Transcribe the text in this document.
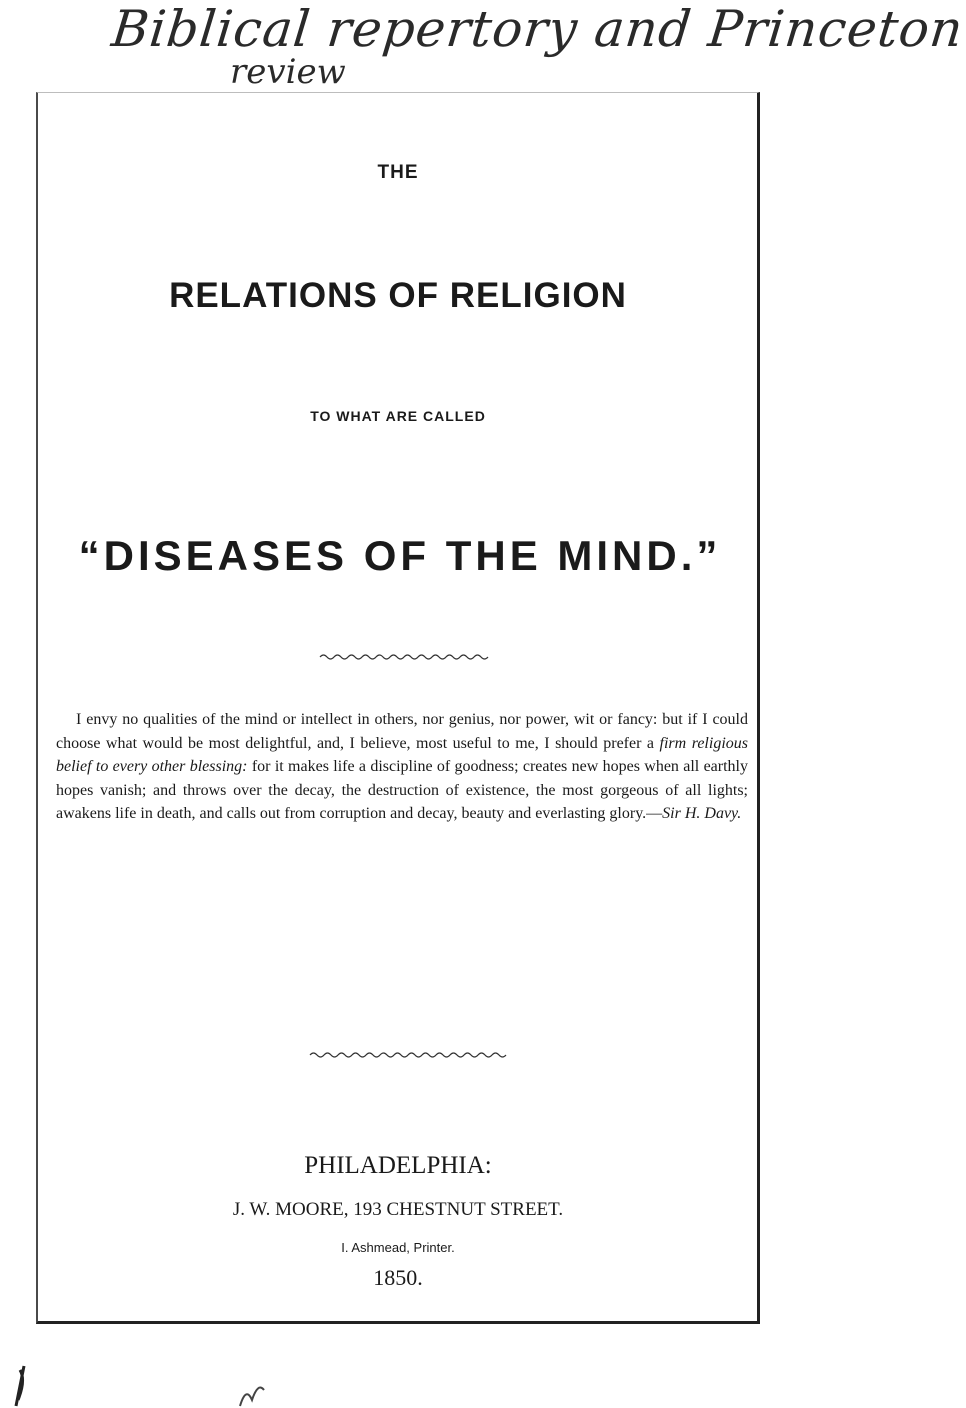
Biblical repertory and Princeton
review
THE
RELATIONS OF RELIGION
TO WHAT ARE CALLED
“DISEASES OF THE MIND.”
I envy no qualities of the mind or intellect in others, nor genius, nor power, wit or fancy: but if I could choose what would be most delightful, and, I believe, most useful to me, I should prefer a firm religious belief to every other blessing: for it makes life a discipline of goodness; creates new hopes when all earthly hopes vanish; and throws over the decay, the destruction of existence, the most gorgeous of all lights; awakens life in death, and calls out from corruption and decay, beauty and everlasting glory.—Sir H. Davy.
PHILADELPHIA:
J. W. MOORE, 193 CHESTNUT STREET.
I. Ashmead, Printer.
1850.
